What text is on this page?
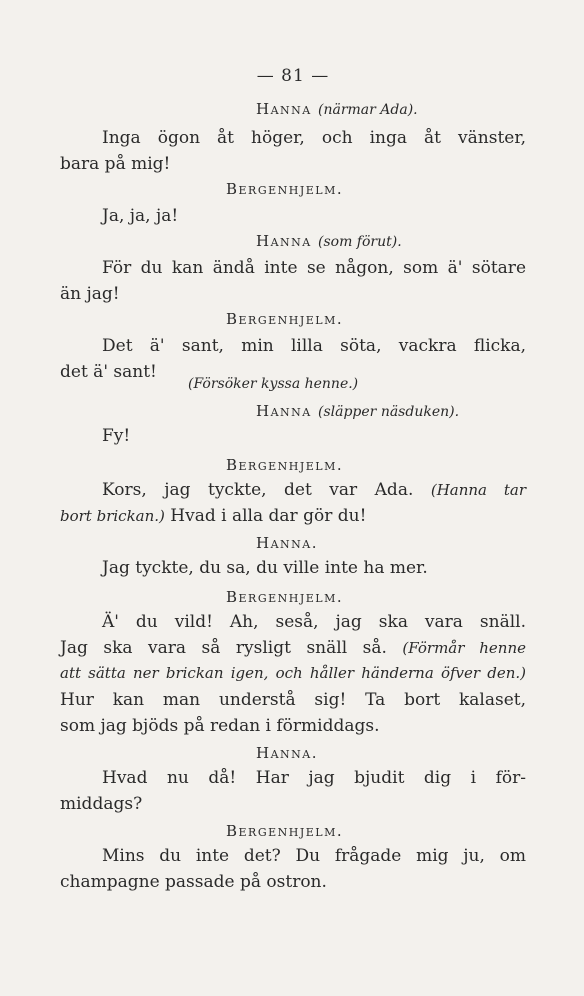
— 81 —
Hanna (närmar Ada).
Inga ögon åt höger, och inga åt vänster,
bara på mig!
Bergenhjelm.
Ja, ja, ja!
Hanna (som förut).
För du kan ändå inte se någon, som ä' sötare
än jag!
Bergenhjelm.
Det ä' sant, min lilla söta, vackra flicka,
det ä' sant!
(Försöker kyssa henne.)
Hanna (släpper näsduken).
Fy!
Bergenhjelm.
Kors, jag tyckte, det var Ada. (Hanna tar
bort brickan.) Hvad i alla dar gör du!
Hanna.
Jag tyckte, du sa, du ville inte ha mer.
Bergenhjelm.
Ä' du vild! Ah, seså, jag ska vara snäll.
Jag ska vara så rysligt snäll så. (Förmår henne
att sätta ner brickan igen, och håller händerna öfver den.)
Hur kan man understå sig! Ta bort kalaset,
som jag bjöds på redan i förmiddags.
Hanna.
Hvad nu då! Har jag bjudit dig i för-
middags?
Bergenhjelm.
Mins du inte det? Du frågade mig ju, om
champagne passade på ostron.
